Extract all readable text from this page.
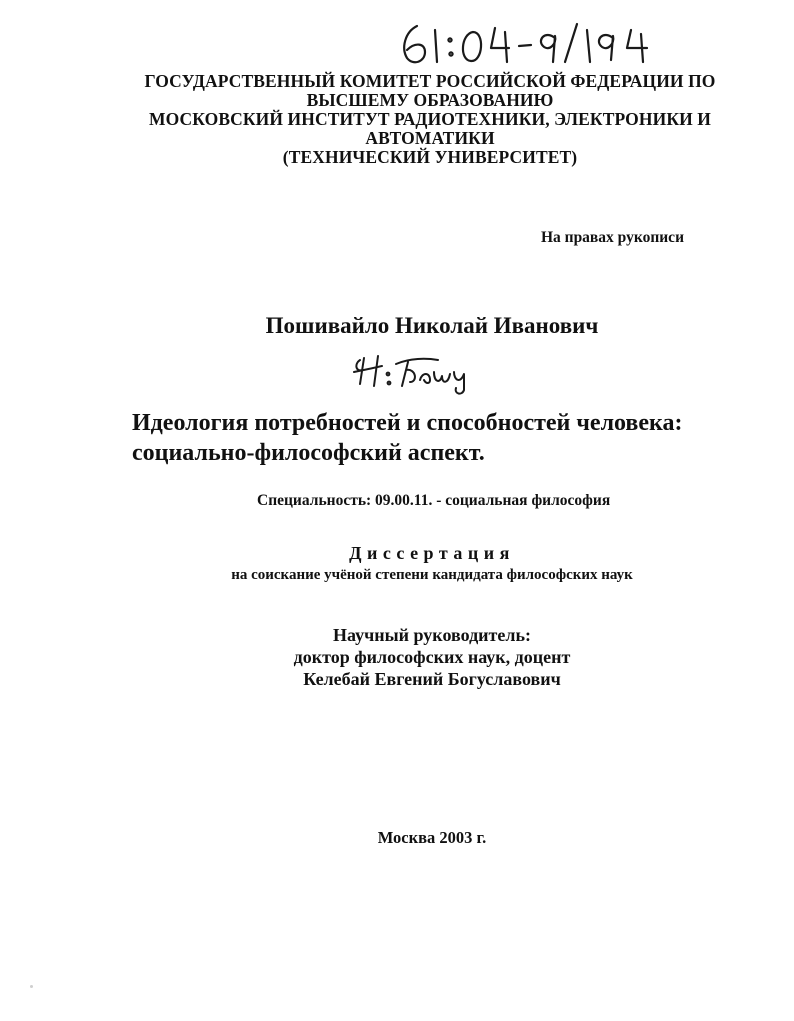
ГОСУДАРСТВЕННЫЙ КОМИТЕТ РОССИЙСКОЙ ФЕДЕРАЦИИ ПО
ВЫСШЕМУ ОБРАЗОВАНИЮ
МОСКОВСКИЙ ИНСТИТУТ РАДИОТЕХНИКИ, ЭЛЕКТРОНИКИ И
АВТОМАТИКИ
(ТЕХНИЧЕСКИЙ УНИВЕРСИТЕТ)
На правах рукописи
Пошивайло Николай Иванович
Идеология потребностей и способностей человека:
социально-философский аспект.
Специальность: 09.00.11. - социальная философия
Диссертация
на соискание учёной степени кандидата философских наук
Научный руководитель:
доктор философских наук, доцент
Келебай Евгений Богуславович
Москва 2003 г.
